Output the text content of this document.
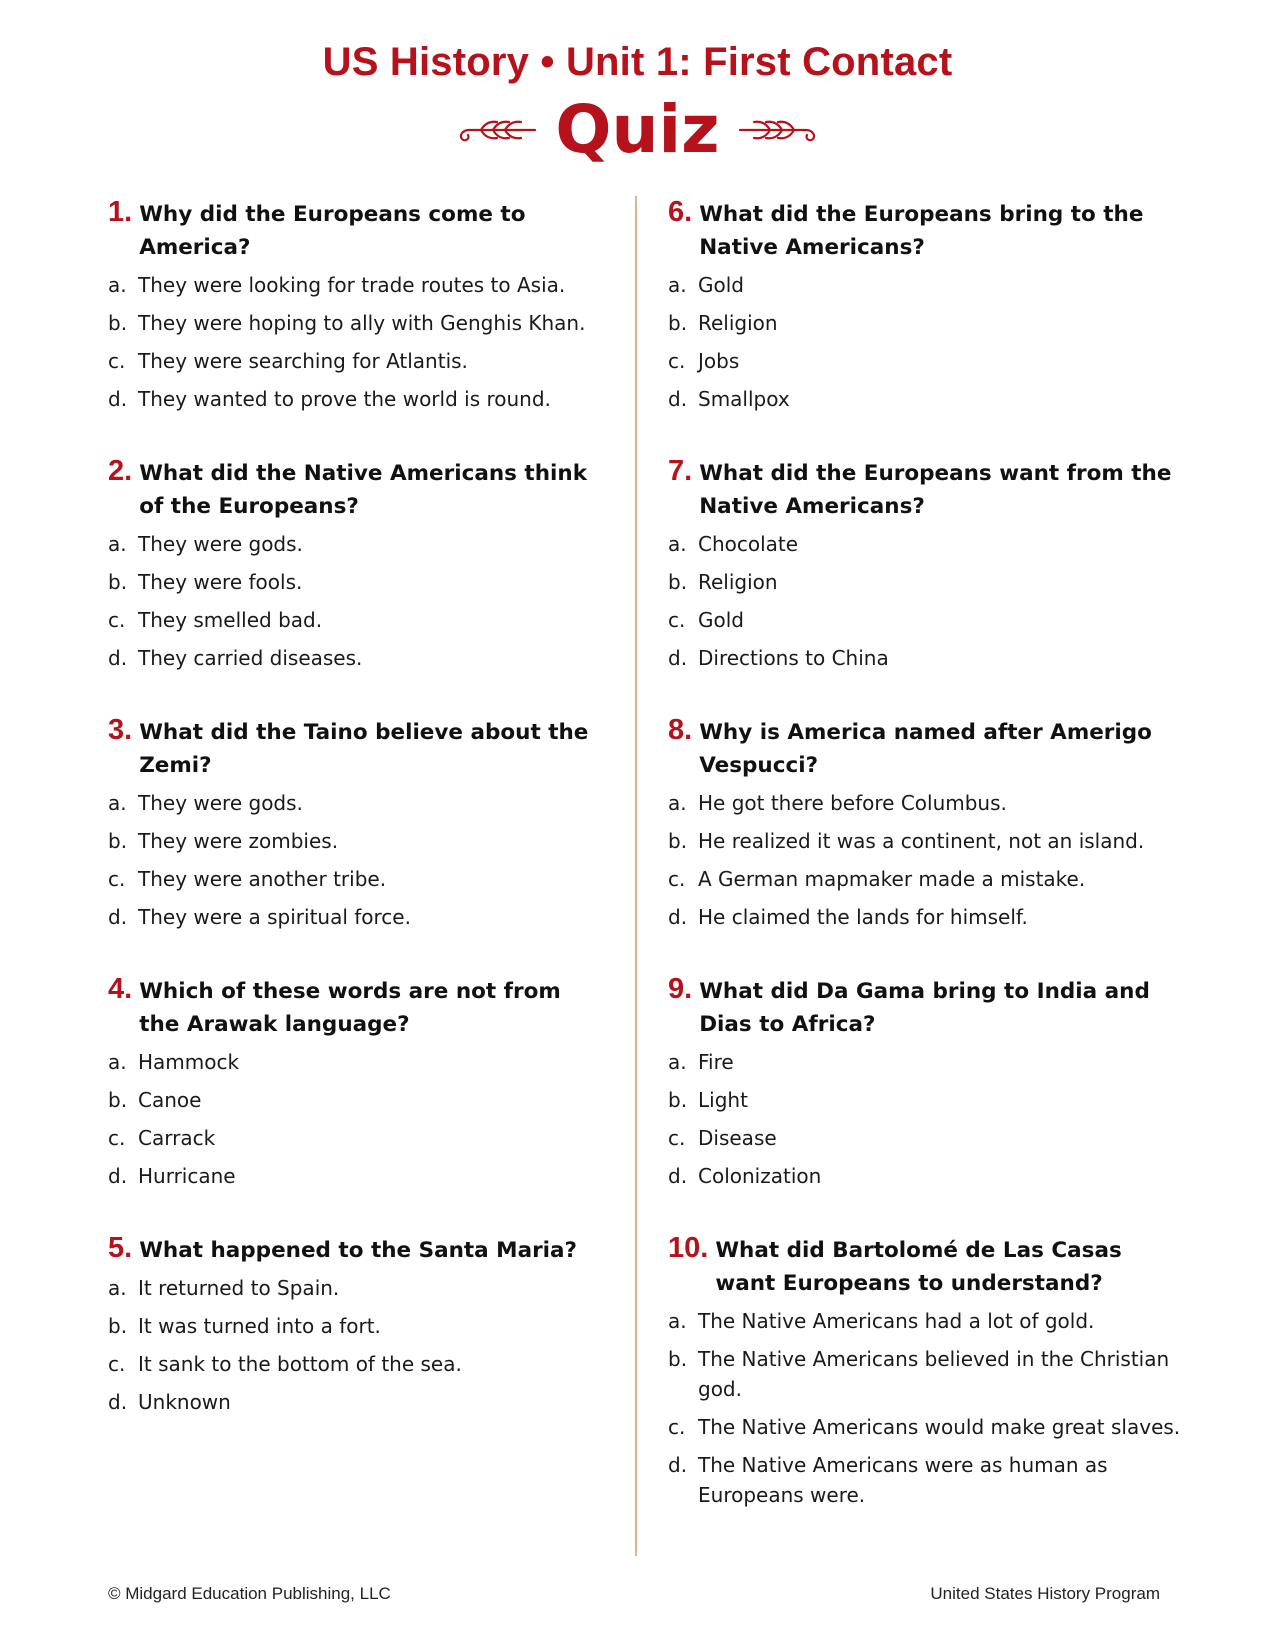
US History • Unit 1: First Contact
Quiz
1. Why did the Europeans come to America?
a. They were looking for trade routes to Asia.
b. They were hoping to ally with Genghis Khan.
c. They were searching for Atlantis.
d. They wanted to prove the world is round.
2. What did the Native Americans think of the Europeans?
a. They were gods.
b. They were fools.
c. They smelled bad.
d. They carried diseases.
3. What did the Taino believe about the Zemi?
a. They were gods.
b. They were zombies.
c. They were another tribe.
d. They were a spiritual force.
4. Which of these words are not from the Arawak language?
a. Hammock
b. Canoe
c. Carrack
d. Hurricane
5. What happened to the Santa Maria?
a. It returned to Spain.
b. It was turned into a fort.
c. It sank to the bottom of the sea.
d. Unknown
6. What did the Europeans bring to the Native Americans?
a. Gold
b. Religion
c. Jobs
d. Smallpox
7. What did the Europeans want from the Native Americans?
a. Chocolate
b. Religion
c. Gold
d. Directions to China
8. Why is America named after Amerigo Vespucci?
a. He got there before Columbus.
b. He realized it was a continent, not an island.
c. A German mapmaker made a mistake.
d. He claimed the lands for himself.
9. What did Da Gama bring to India and Dias to Africa?
a. Fire
b. Light
c. Disease
d. Colonization
10. What did Bartolomé de Las Casas want Europeans to understand?
a. The Native Americans had a lot of gold.
b. The Native Americans believed in the Christian god.
c. The Native Americans would make great slaves.
d. The Native Americans were as human as Europeans were.
© Midgard Education Publishing, LLC	United States History Program
